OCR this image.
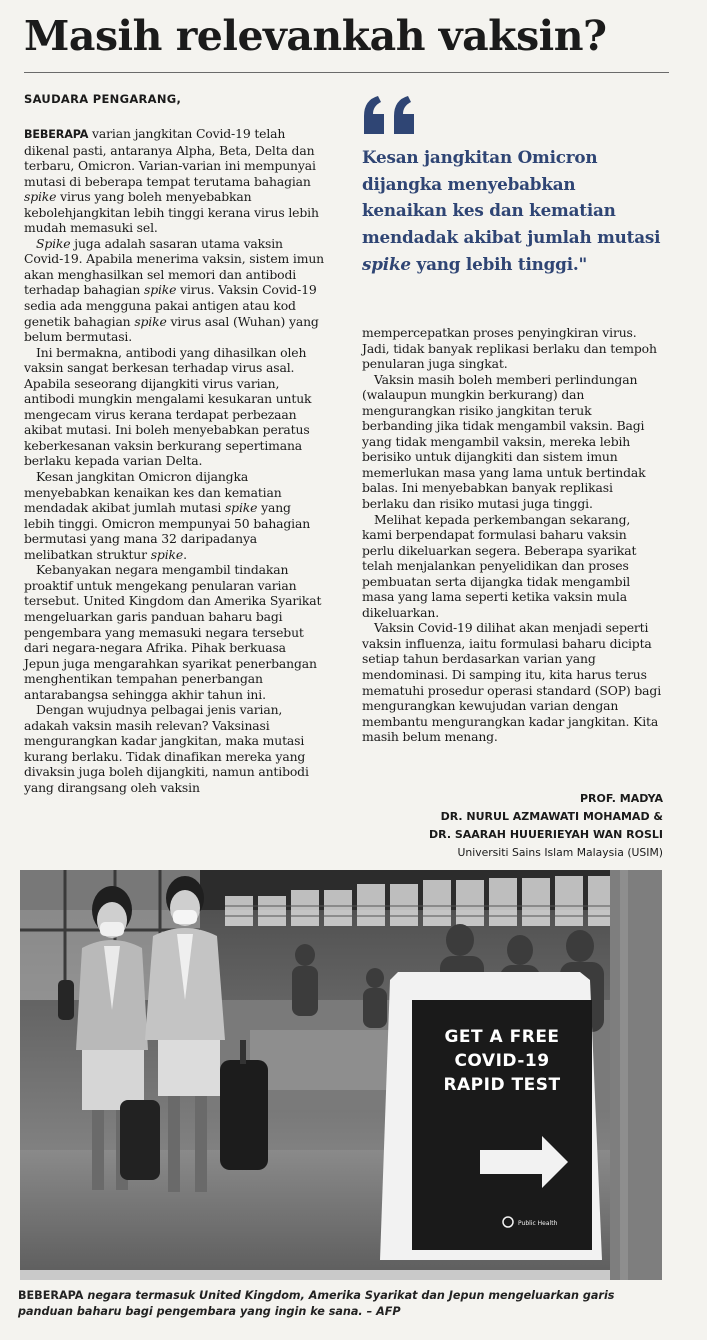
Masih relevankah vaksin?
SAUDARA PENGARANG,

BEBERAPA varian jangkitan Covid-19 telah dikenal pasti, antaranya Alpha, Beta, Delta dan terbaru, Omicron. Varian-varian ini mempunyai mutasi di beberapa tempat terutama bahagian spike virus yang boleh menyebabkan kebolehjangkitan lebih tinggi kerana virus lebih mudah memasuki sel.

Spike juga adalah sasaran utama vaksin Covid-19. Apabila menerima vaksin, sistem imun akan menghasilkan sel memori dan antibodi terhadap bahagian spike virus. Vaksin Covid-19 sedia ada mengguna pakai antigen atau kod genetik bahagian spike virus asal (Wuhan) yang belum bermutasi.

Ini bermakna, antibodi yang dihasilkan oleh vaksin sangat berkesan terhadap virus asal. Apabila seseorang dijangkiti virus varian, antibodi mungkin mengalami kesukaran untuk mengecam virus kerana terdapat perbezaan akibat mutasi. Ini boleh menyebabkan peratus keberkesanan vaksin berkurang sepertimana berlaku kepada varian Delta.

Kesan jangkitan Omicron dijangka menyebabkan kenaikan kes dan kematian mendadak akibat jumlah mutasi spike yang lebih tinggi. Omicron mempunyai 50 bahagian bermutasi yang mana 32 daripadanya melibatkan struktur spike.

Kebanyakan negara mengambil tindakan proaktif untuk mengekang penularan varian tersebut. United Kingdom dan Amerika Syarikat mengeluarkan garis panduan baharu bagi pengembara yang memasuki negara tersebut dari negara-negara Afrika. Pihak berkuasa Jepun juga mengarahkan syarikat penerbangan menghentikan tempahan penerbangan antarabangsa sehingga akhir tahun ini.

Dengan wujudnya pelbagai jenis varian, adakah vaksin masih relevan? Vaksinasi mengurangkan kadar jangkitan, maka mutasi kurang berlaku. Tidak dinafikan mereka yang divaksin juga boleh dijangkiti, namun antibodi yang dirangsang oleh vaksin

Kesan jangkitan Omicron dijangka menyebabkan kenaikan kes dan kematian mendadak akibat jumlah mutasi spike yang lebih tinggi."

mempercepatkan proses penyingkiran virus. Jadi, tidak banyak replikasi berlaku dan tempoh penularan juga singkat.

Vaksin masih boleh memberi perlindungan (walaupun mungkin berkurang) dan mengurangkan risiko jangkitan teruk berbanding jika tidak mengambil vaksin. Bagi yang tidak mengambil vaksin, mereka lebih berisiko untuk dijangkiti dan sistem imun memerlukan masa yang lama untuk bertindak balas. Ini menyebabkan banyak replikasi berlaku dan risiko mutasi juga tinggi.

Melihat kepada perkembangan sekarang, kami berpendapat formulasi baharu vaksin perlu dikeluarkan segera. Beberapa syarikat telah menjalankan penyelidikan dan proses pembuatan serta dijangka tidak mengambil masa yang lama seperti ketika vaksin mula dikeluarkan.

Vaksin Covid-19 dilihat akan menjadi seperti vaksin influenza, iaitu formulasi baharu dicipta setiap tahun berdasarkan varian yang mendominasi. Di samping itu, kita harus terus mematuhi prosedur operasi standard (SOP) bagi mengurangkan kewujudan varian dengan membantu mengurangkan kadar jangkitan. Kita masih belum menang.

PROF. MADYA
DR. NURUL AZMAWATI MOHAMAD &
DR. SAARAH HUUERIEYAH WAN ROSLI
Universiti Sains Islam Malaysia (USIM)
GET A FREE
COVID-19
RAPID TEST
Public Health
BEBERAPA negara termasuk United Kingdom, Amerika Syarikat dan Jepun mengeluarkan garis panduan baharu bagi pengembara yang ingin ke sana. – AFP
